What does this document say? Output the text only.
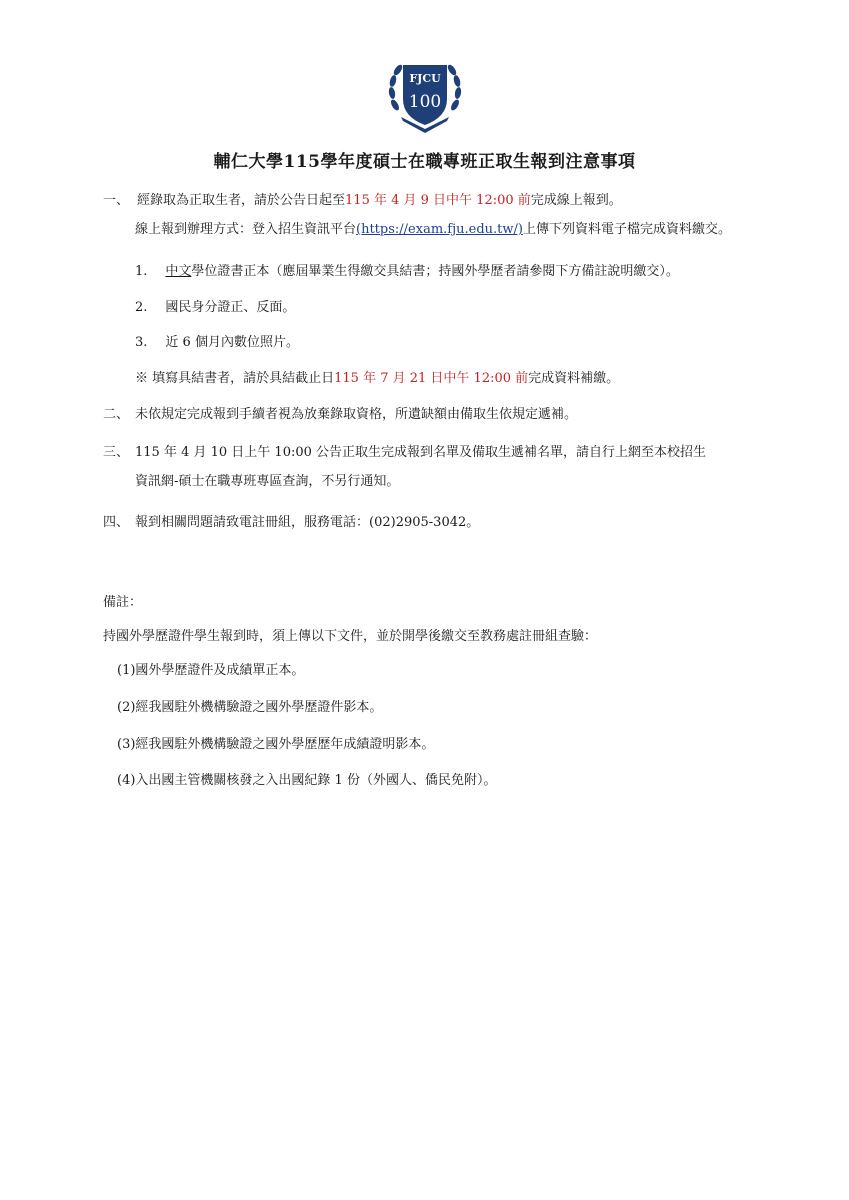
FJCU
100
輔仁大學115學年度碩士在職專班正取生報到注意事項
一、 經錄取為正取生者，請於公告日起至115 年 4 月 9 日中午 12:00 前完成線上報到。
線上報到辦理方式：登入招生資訊平台(https://exam.fju.edu.tw/)上傳下列資料電子檔完成資料繳交。
1. 中文學位證書正本（應屆畢業生得繳交具結書；持國外學歷者請參閱下方備註說明繳交）。
2. 國民身分證正、反面。
3. 近 6 個月內數位照片。
※ 填寫具結書者，請於具結截止日115 年 7 月 21 日中午 12:00 前完成資料補繳。
二、 未依規定完成報到手續者視為放棄錄取資格，所遺缺額由備取生依規定遞補。
三、 115 年 4 月 10 日上午 10:00 公告正取生完成報到名單及備取生遞補名單，請自行上網至本校招生
資訊網-碩士在職專班專區查詢，不另行通知。
四、 報到相關問題請致電註冊組，服務電話：(02)2905-3042。
備註：
持國外學歷證件學生報到時，須上傳以下文件，並於開學後繳交至教務處註冊組查驗：
(1)國外學歷證件及成績單正本。
(2)經我國駐外機構驗證之國外學歷證件影本。
(3)經我國駐外機構驗證之國外學歷歷年成績證明影本。
(4)入出國主管機關核發之入出國紀錄 1 份（外國人、僑民免附）。
